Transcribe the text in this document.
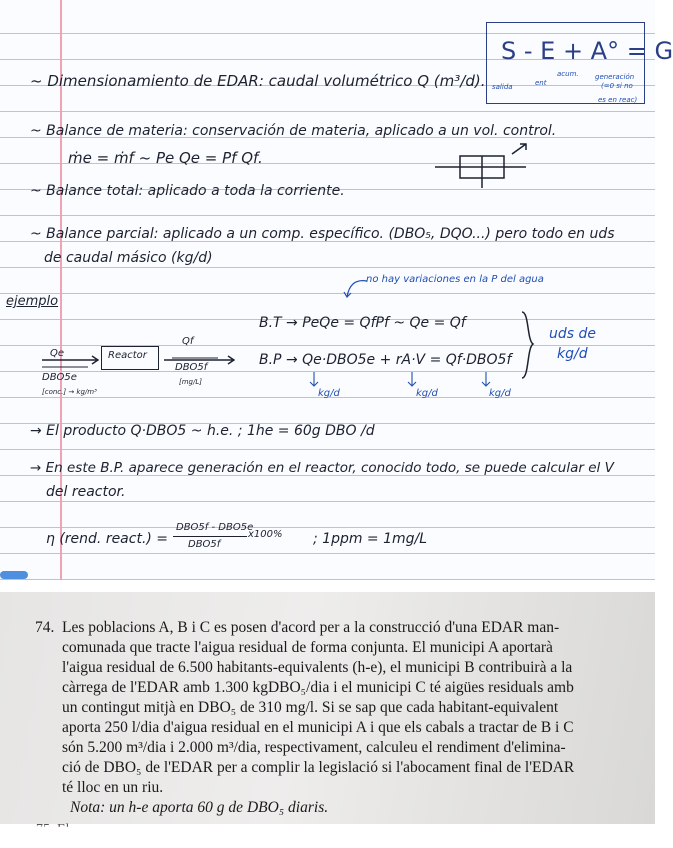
S - E + A° = G
salida	ent
acum. generación
(=0 si no
es en reac)
~ Dimensionamiento de EDAR: caudal volumétrico Q (m³/d).
~ Balance de materia: conservación de materia, aplicado a un vol. control.
ṁe = ṁf ~ Pe Qe = Pf Qf.
~ Balance total: aplicado a toda la corriente.
~ Balance parcial: aplicado a un comp. específico. (DBO₅, DQO...) pero todo en uds
de caudal másico (kg/d)
no hay variaciones en la P del agua
ejemplo
B.T → PeQe = QfPf ~ Qe = Qf
B.P → Qe·DBO5e + rA·V = Qf·DBO5f
uds de
kg/d
kg/d	kg/d	kg/d
Qe
DBO5e
[conc.] → kg/m³
Reactor
Qf
DBO5f
[mg/L]
→ El producto Q·DBO5 ~ h.e. ; 1he = 60g DBO /d
→ En este B.P. aparece generación en el reactor, conocido todo, se puede calcular el V
del reactor.
η (rend. react.) =
DBO5f - DBO5e
DBO5f
x100% ; 1ppm = 1mg/L
74. Les poblacions A, B i C es posen d'acord per a la construcció d'una EDAR man-
comunada que tracte l'aigua residual de forma conjunta. El municipi A aportarà
l'aigua residual de 6.500 habitants-equivalents (h-e), el municipi B contribuirà a la
càrrega de l'EDAR amb 1.300 kgDBO₅/dia i el municipi C té aigües residuals amb
un contingut mitjà en DBO₅ de 310 mg/l. Si se sap que cada habitant-equivalent
aporta 250 l/dia d'aigua residual en el municipi A i que els cabals a tractar de B i C
són 5.200 m³/dia i 2.000 m³/dia, respectivament, calculeu el rendiment d'elimina-
ció de DBO₅ de l'EDAR per a complir la legislació si l'abocament final de l'EDAR
té lloc en un riu.
Nota: un h-e aporta 60 g de DBO₅ diaris.
